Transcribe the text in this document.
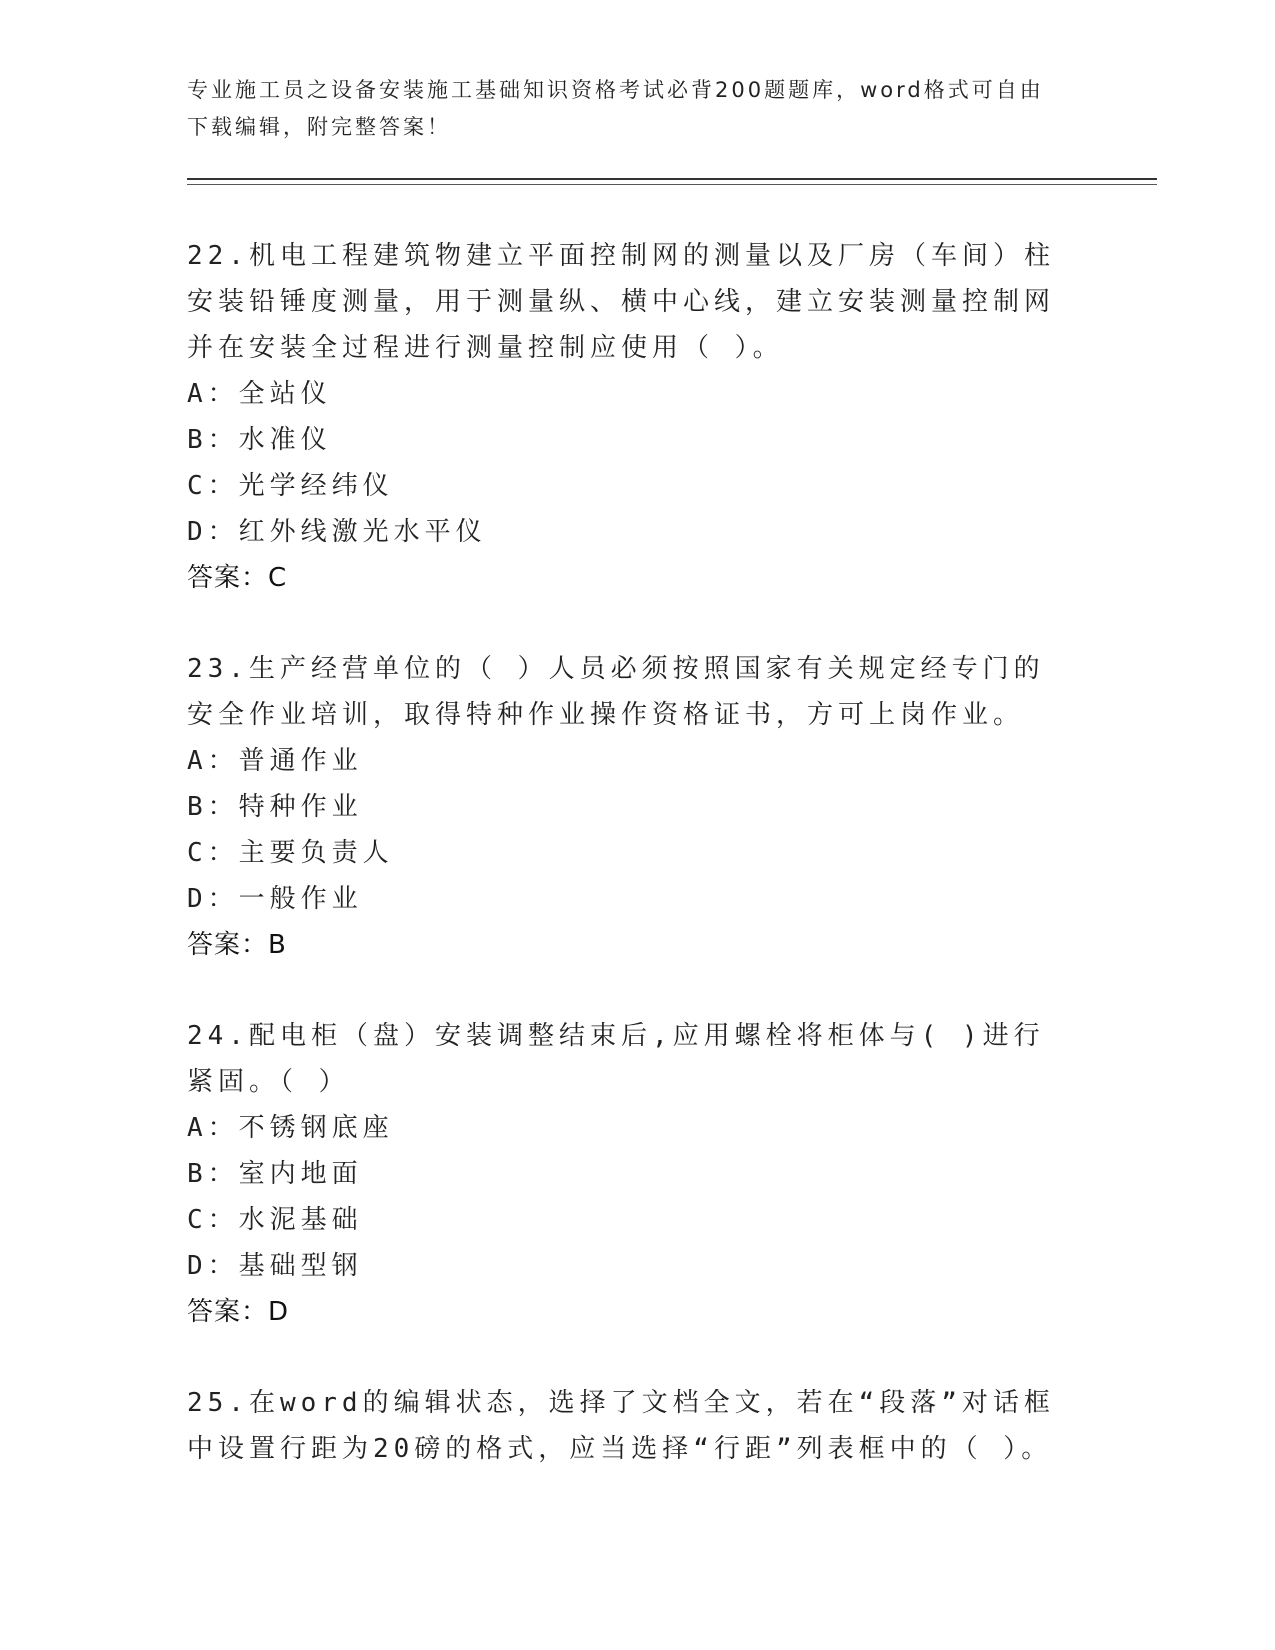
专业施工员之设备安装施工基础知识资格考试必背200题题库，word格式可自由下载编辑，附完整答案！
22.机电工程建筑物建立平面控制网的测量以及厂房（车间）柱安装铅锤度测量，用于测量纵、横中心线，建立安装测量控制网并在安装全过程进行测量控制应使用（ ）。
A：全站仪
B：水准仪
C：光学经纬仪
D：红外线激光水平仪
答案：C
23.生产经营单位的（ ）人员必须按照国家有关规定经专门的安全作业培训，取得特种作业操作资格证书，方可上岗作业。
A：普通作业
B：特种作业
C：主要负责人
D：一般作业
答案：B
24.配电柜（盘）安装调整结束后,应用螺栓将柜体与( )进行紧固。（ ）
A：不锈钢底座
B：室内地面
C：水泥基础
D：基础型钢
答案：D
25.在word的编辑状态，选择了文档全文，若在“段落”对话框中设置行距为20磅的格式，应当选择“行距”列表框中的（ ）。
